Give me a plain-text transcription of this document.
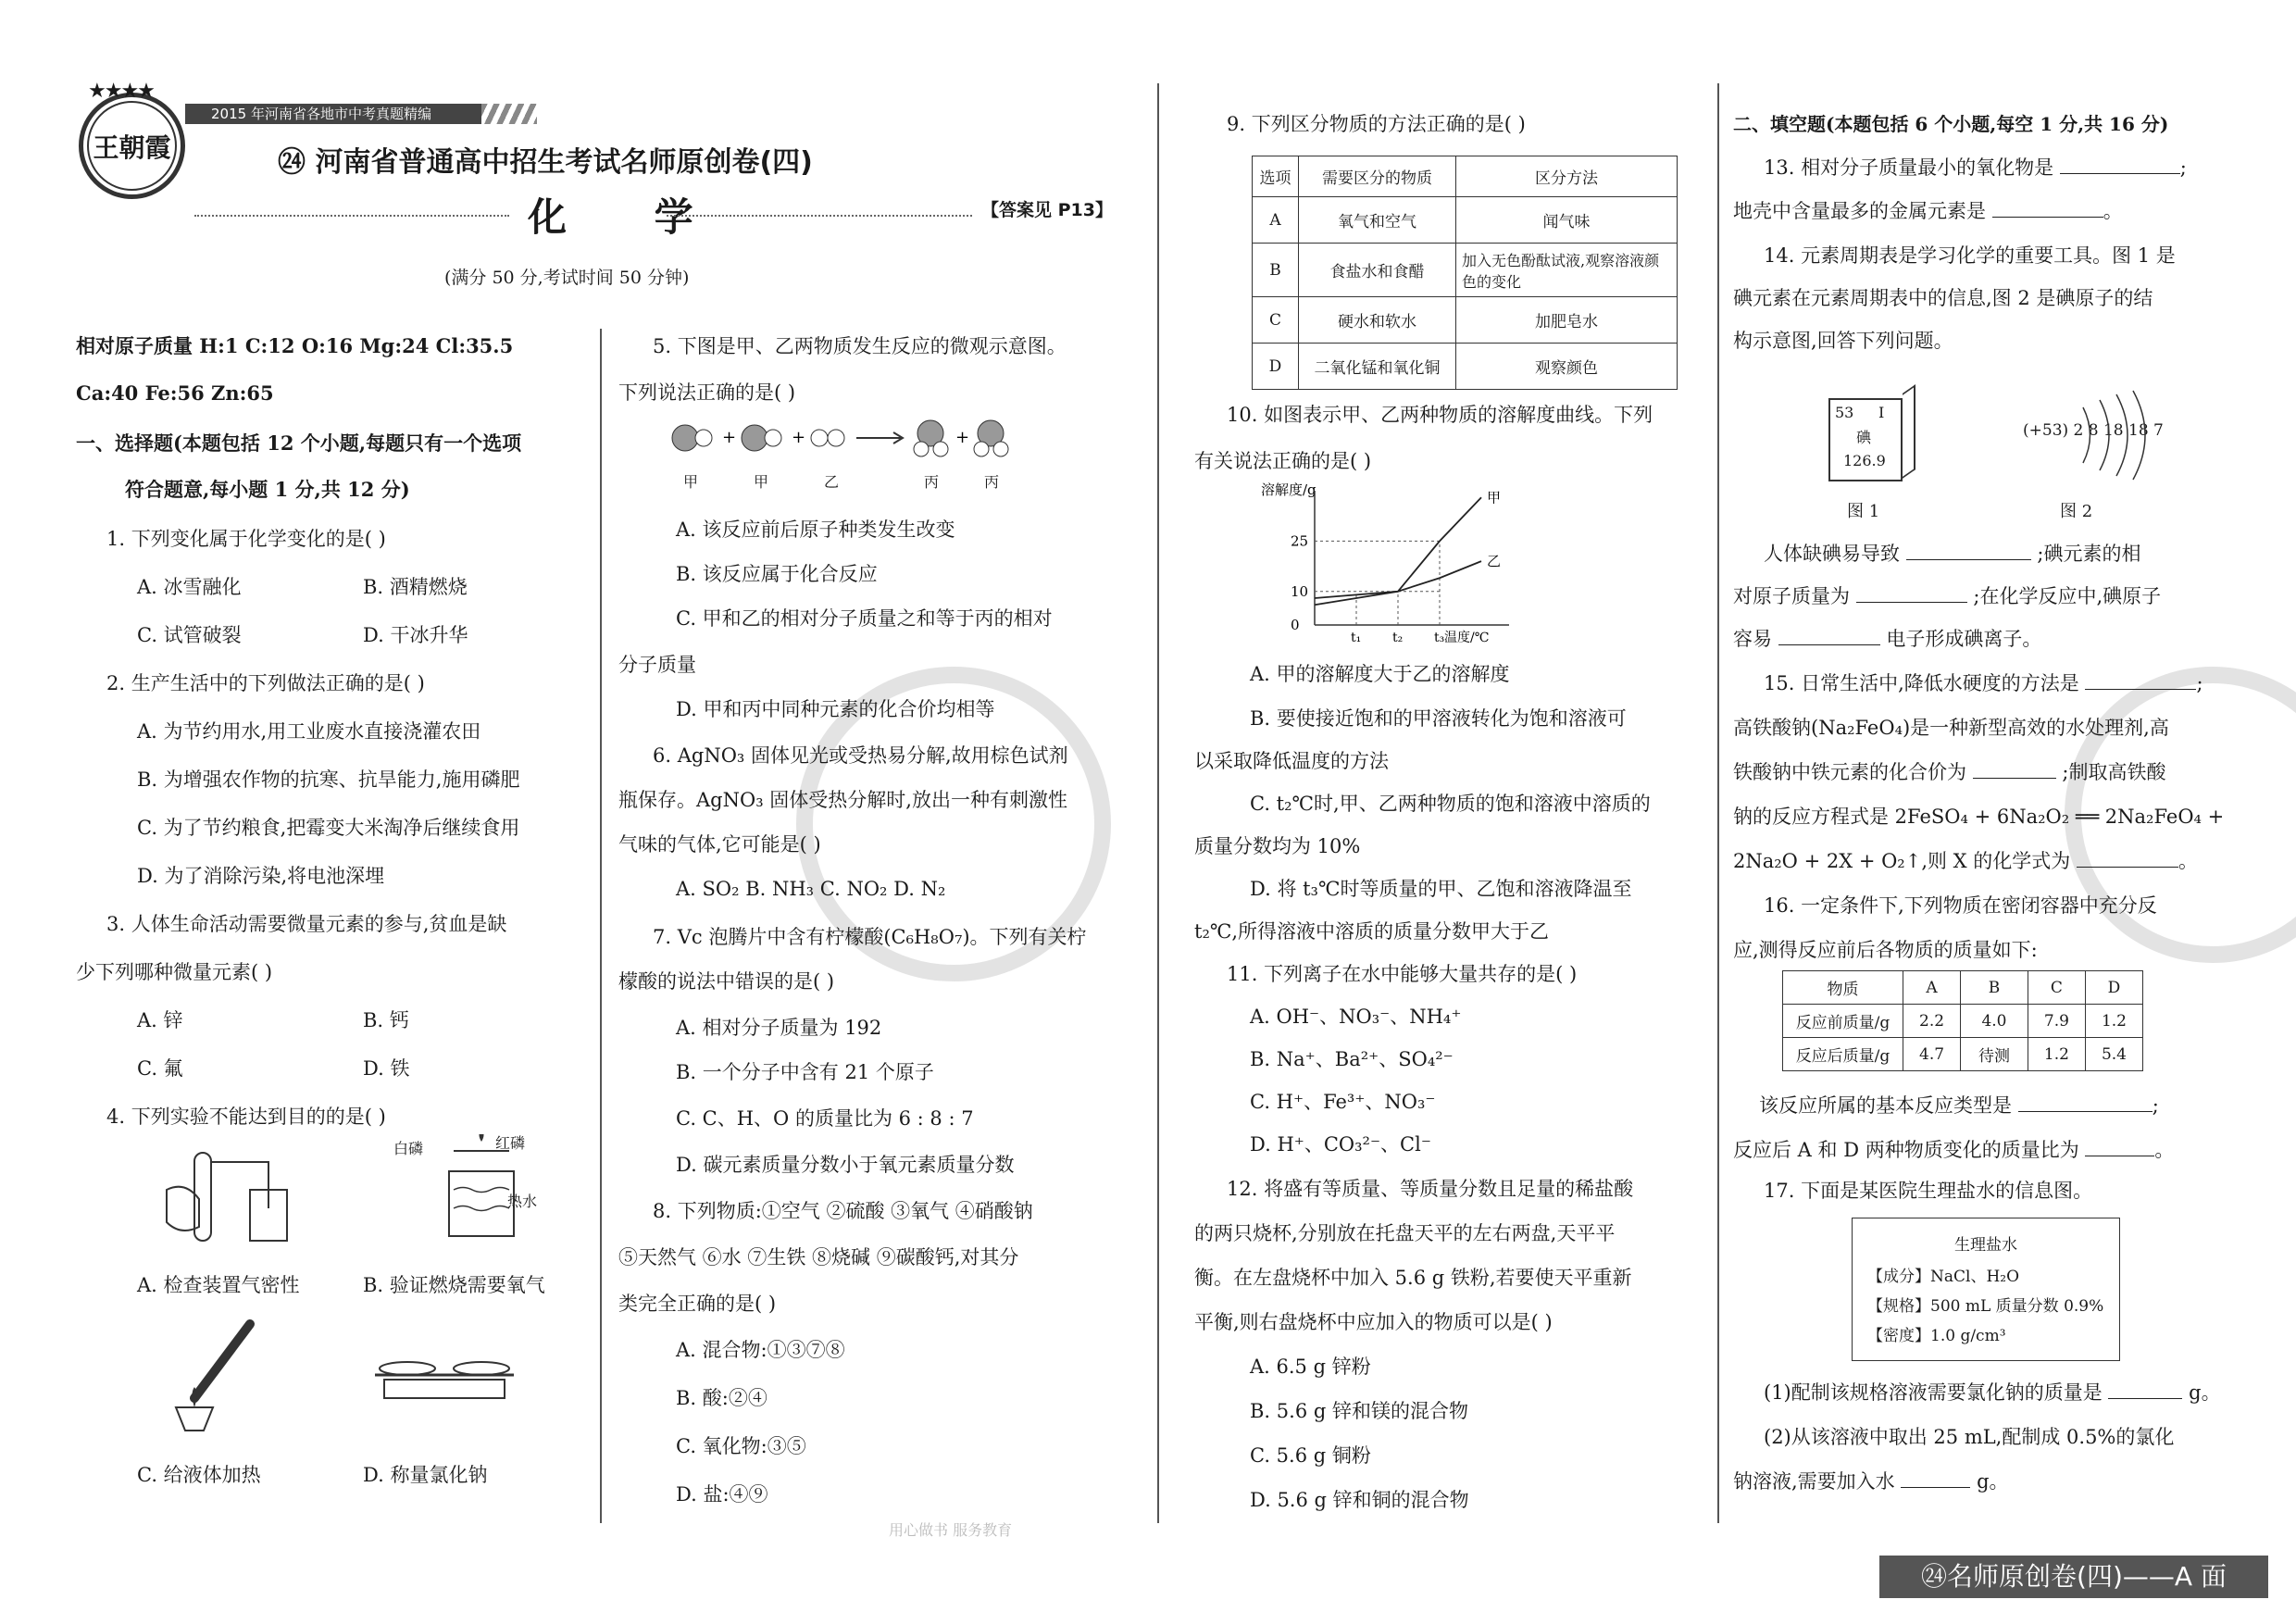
王朝霞
★★★★
2015 年河南省各地市中考真题精编
㉔ 河南省普通高中招生考试名师原创卷(四)
化 学	【答案见 P13】
(满分 50 分,考试时间 50 分钟)
相对原子质量 H:1 C:12 O:16 Mg:24 Cl:35.5
Ca:40 Fe:56 Zn:65
一、选择题(本题包括 12 个小题,每题只有一个选项
符合题意,每小题 1 分,共 12 分)
1. 下列变化属于化学变化的是( )
A. 冰雪融化	B. 酒精燃烧
C. 试管破裂	D. 干冰升华
2. 生产生活中的下列做法正确的是( )
A. 为节约用水,用工业废水直接浇灌农田
B. 为增强农作物的抗寒、抗旱能力,施用磷肥
C. 为了节约粮食,把霉变大米淘净后继续食用
D. 为了消除污染,将电池深埋
3. 人体生命活动需要微量元素的参与,贫血是缺
少下列哪种微量元素( )
A. 锌	B. 钙
C. 氟	D. 铁
4. 下列实验不能达到目的的是( )
白磷	红磷
热水
A. 检查装置气密性	B. 验证燃烧需要氧气
C. 给液体加热	D. 称量氯化钠
5. 下图是甲、乙两物质发生反应的微观示意图。
下列说法正确的是( )
+	+	+
甲	甲	乙	丙	丙
A. 该反应前后原子种类发生改变
B. 该反应属于化合反应
C. 甲和乙的相对分子质量之和等于丙的相对
分子质量
D. 甲和丙中同种元素的化合价均相等
6. AgNO₃ 固体见光或受热易分解,故用棕色试剂
瓶保存。AgNO₃ 固体受热分解时,放出一种有刺激性
气味的气体,它可能是( )
A. SO₂ B. NH₃ C. NO₂ D. N₂
7. Vc 泡腾片中含有柠檬酸(C₆H₈O₇)。下列有关柠
檬酸的说法中错误的是( )
A. 相对分子质量为 192
B. 一个分子中含有 21 个原子
C. C、H、O 的质量比为 6 : 8 : 7
D. 碳元素质量分数小于氧元素质量分数
8. 下列物质:①空气 ②硫酸 ③氧气 ④硝酸钠
⑤天然气 ⑥水 ⑦生铁 ⑧烧碱 ⑨碳酸钙,对其分
类完全正确的是( )
A. 混合物:①③⑦⑧
B. 酸:②④
C. 氧化物:③⑤
D. 盐:④⑨
用心做书 服务教育
9. 下列区分物质的方法正确的是( )
选项	需要区分的物质	区分方法
A	氧气和空气	闻气味
B	食盐水和食醋	加入无色酚酞试液,观察溶液颜色的变化
C	硬水和软水	加肥皂水
D	二氧化锰和氧化铜	观察颜色
10. 如图表示甲、乙两种物质的溶解度曲线。下列
有关说法正确的是( )
溶解度/g
0
10
25
t₁ t₂ t₃ 温度/℃
甲
乙
A. 甲的溶解度大于乙的溶解度
B. 要使接近饱和的甲溶液转化为饱和溶液可
以采取降低温度的方法
C. t₂℃时,甲、乙两种物质的饱和溶液中溶质的
质量分数均为 10%
D. 将 t₃℃时等质量的甲、乙饱和溶液降温至
t₂℃,所得溶液中溶质的质量分数甲大于乙
11. 下列离子在水中能够大量共存的是( )
A. OH⁻、NO₃⁻、NH₄⁺
B. Na⁺、Ba²⁺、SO₄²⁻
C. H⁺、Fe³⁺、NO₃⁻
D. H⁺、CO₃²⁻、Cl⁻
12. 将盛有等质量、等质量分数且足量的稀盐酸
的两只烧杯,分别放在托盘天平的左右两盘,天平平
衡。在左盘烧杯中加入 5.6 g 铁粉,若要使天平重新
平衡,则右盘烧杯中应加入的物质可以是( )
A. 6.5 g 锌粉
B. 5.6 g 锌和镁的混合物
C. 5.6 g 铜粉
D. 5.6 g 锌和铜的混合物
二、填空题(本题包括 6 个小题,每空 1 分,共 16 分)
13. 相对分子质量最小的氧化物是	;
地壳中含量最多的金属元素是	。
14. 元素周期表是学习化学的重要工具。图 1 是
碘元素在元素周期表中的信息,图 2 是碘原子的结
构示意图,回答下列问题。
53 I
碘
126.9
(+53) 2 8 18 18 7
图 1	图 2
人体缺碘易导致	;碘元素的相
对原子质量为	;在化学反应中,碘原子
容易	电子形成碘离子。
15. 日常生活中,降低水硬度的方法是	;
高铁酸钠(Na₂FeO₄)是一种新型高效的水处理剂,高
铁酸钠中铁元素的化合价为	;制取高铁酸
钠的反应方程式是 2FeSO₄ + 6Na₂O₂ ══ 2Na₂FeO₄ +
2Na₂O + 2X + O₂↑,则 X 的化学式为	。
16. 一定条件下,下列物质在密闭容器中充分反
应,测得反应前后各物质的质量如下:
物质	A	B	C	D
反应前质量/g	2.2	4.0	7.9	1.2
反应后质量/g	4.7	待测	1.2	5.4
该反应所属的基本反应类型是	;
反应后 A 和 D 两种物质变化的质量比为	。
17. 下面是某医院生理盐水的信息图。
生理盐水
【成分】NaCl、H₂O
【规格】500 mL 质量分数 0.9%
【密度】1.0 g/cm³
(1)配制该规格溶液需要氯化钠的质量是	g。
(2)从该溶液中取出 25 mL,配制成 0.5%的氯化
钠溶液,需要加入水	g。
㉔名师原创卷(四)——A 面
